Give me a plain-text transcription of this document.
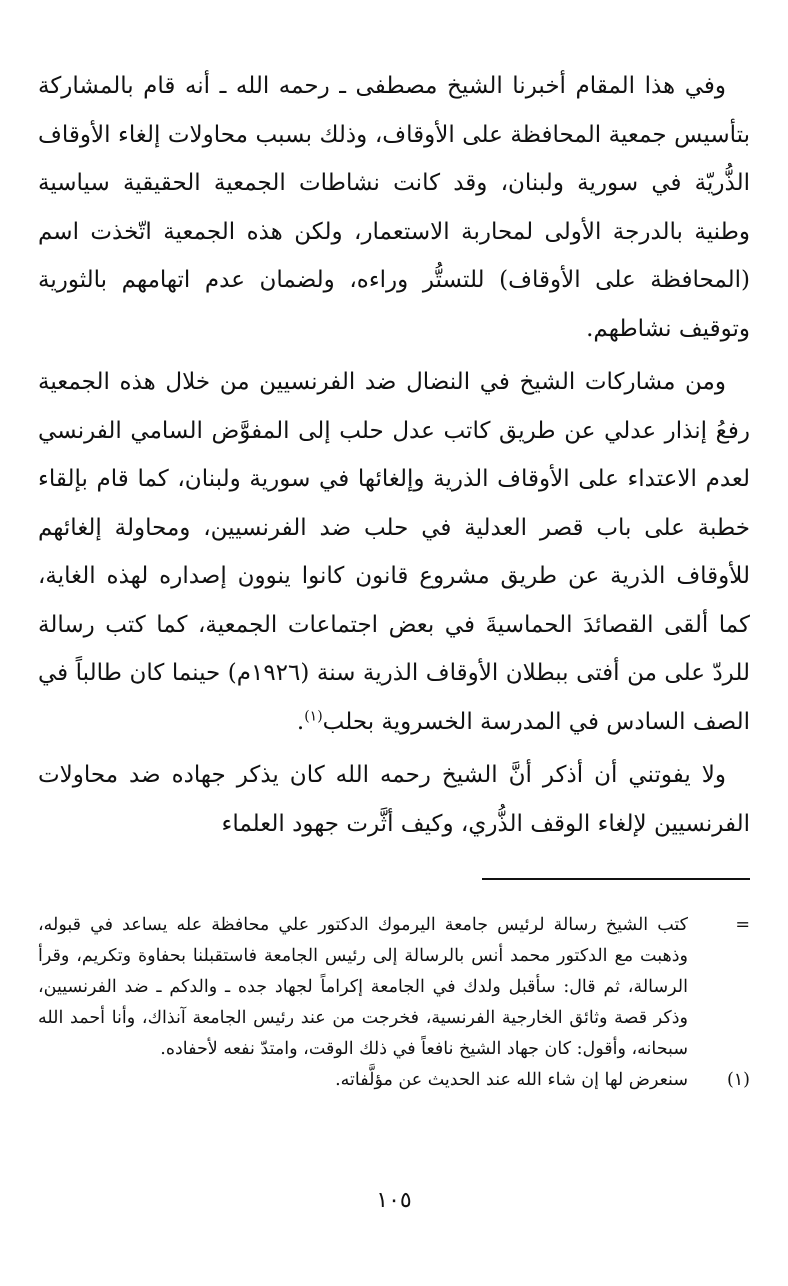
وفي هذا المقام أخبرنا الشيخ مصطفى ـ رحمه الله ـ أنه قام بالمشاركة بتأسيس جمعية المحافظة على الأوقاف، وذلك بسبب محاولات إلغاء الأوقاف الذُّريّة في سورية ولبنان، وقد كانت نشاطات الجمعية الحقيقية سياسية وطنية بالدرجة الأولى لمحاربة الاستعمار، ولكن هذه الجمعية اتّخذت اسم (المحافظة على الأوقاف) للتستُّر وراءه، ولضمان عدم اتهامهم بالثورية وتوقيف نشاطهم.

ومن مشاركات الشيخ في النضال ضد الفرنسيين من خلال هذه الجمعية رفعُ إنذار عدلي عن طريق كاتب عدل حلب إلى المفوَّض السامي الفرنسي لعدم الاعتداء على الأوقاف الذرية وإلغائها في سورية ولبنان، كما قام بإلقاء خطبة على باب قصر العدلية في حلب ضد الفرنسيين، ومحاولة إلغائهم للأوقاف الذرية عن طريق مشروع قانون كانوا ينوون إصداره لهذه الغاية، كما ألقى القصائدَ الحماسيةَ في بعض اجتماعات الجمعية، كما كتب رسالة للردّ على من أفتى ببطلان الأوقاف الذرية سنة (١٩٢٦م) حينما كان طالباً في الصف السادس في المدرسة الخسروية بحلب$^{(١)}$.

ولا يفوتني أن أذكر أنَّ الشيخ رحمه الله كان يذكر جهاده ضد محاولات الفرنسيين لإلغاء الوقف الذُّري، وكيف أثَّرت جهود العلماء

=
كتب الشيخ رسالة لرئيس جامعة اليرموك الدكتور علي محافظة عله يساعد في قبوله، وذهبت مع الدكتور محمد أنس بالرسالة إلى رئيس الجامعة فاستقبلنا بحفاوة وتكريم، وقرأ الرسالة، ثم قال: سأقبل ولدك في الجامعة إكراماً لجهاد جده ـ والدكم ـ ضد الفرنسيين، وذكر قصة وثائق الخارجية الفرنسية، فخرجت من عند رئيس الجامعة آنذاك، وأنا أحمد الله سبحانه، وأقول: كان جهاد الشيخ نافعاً في ذلك الوقت، وامتدّ نفعه لأحفاده.

(١)
سنعرض لها إن شاء الله عند الحديث عن مؤلَّفاته.

١٠٥
